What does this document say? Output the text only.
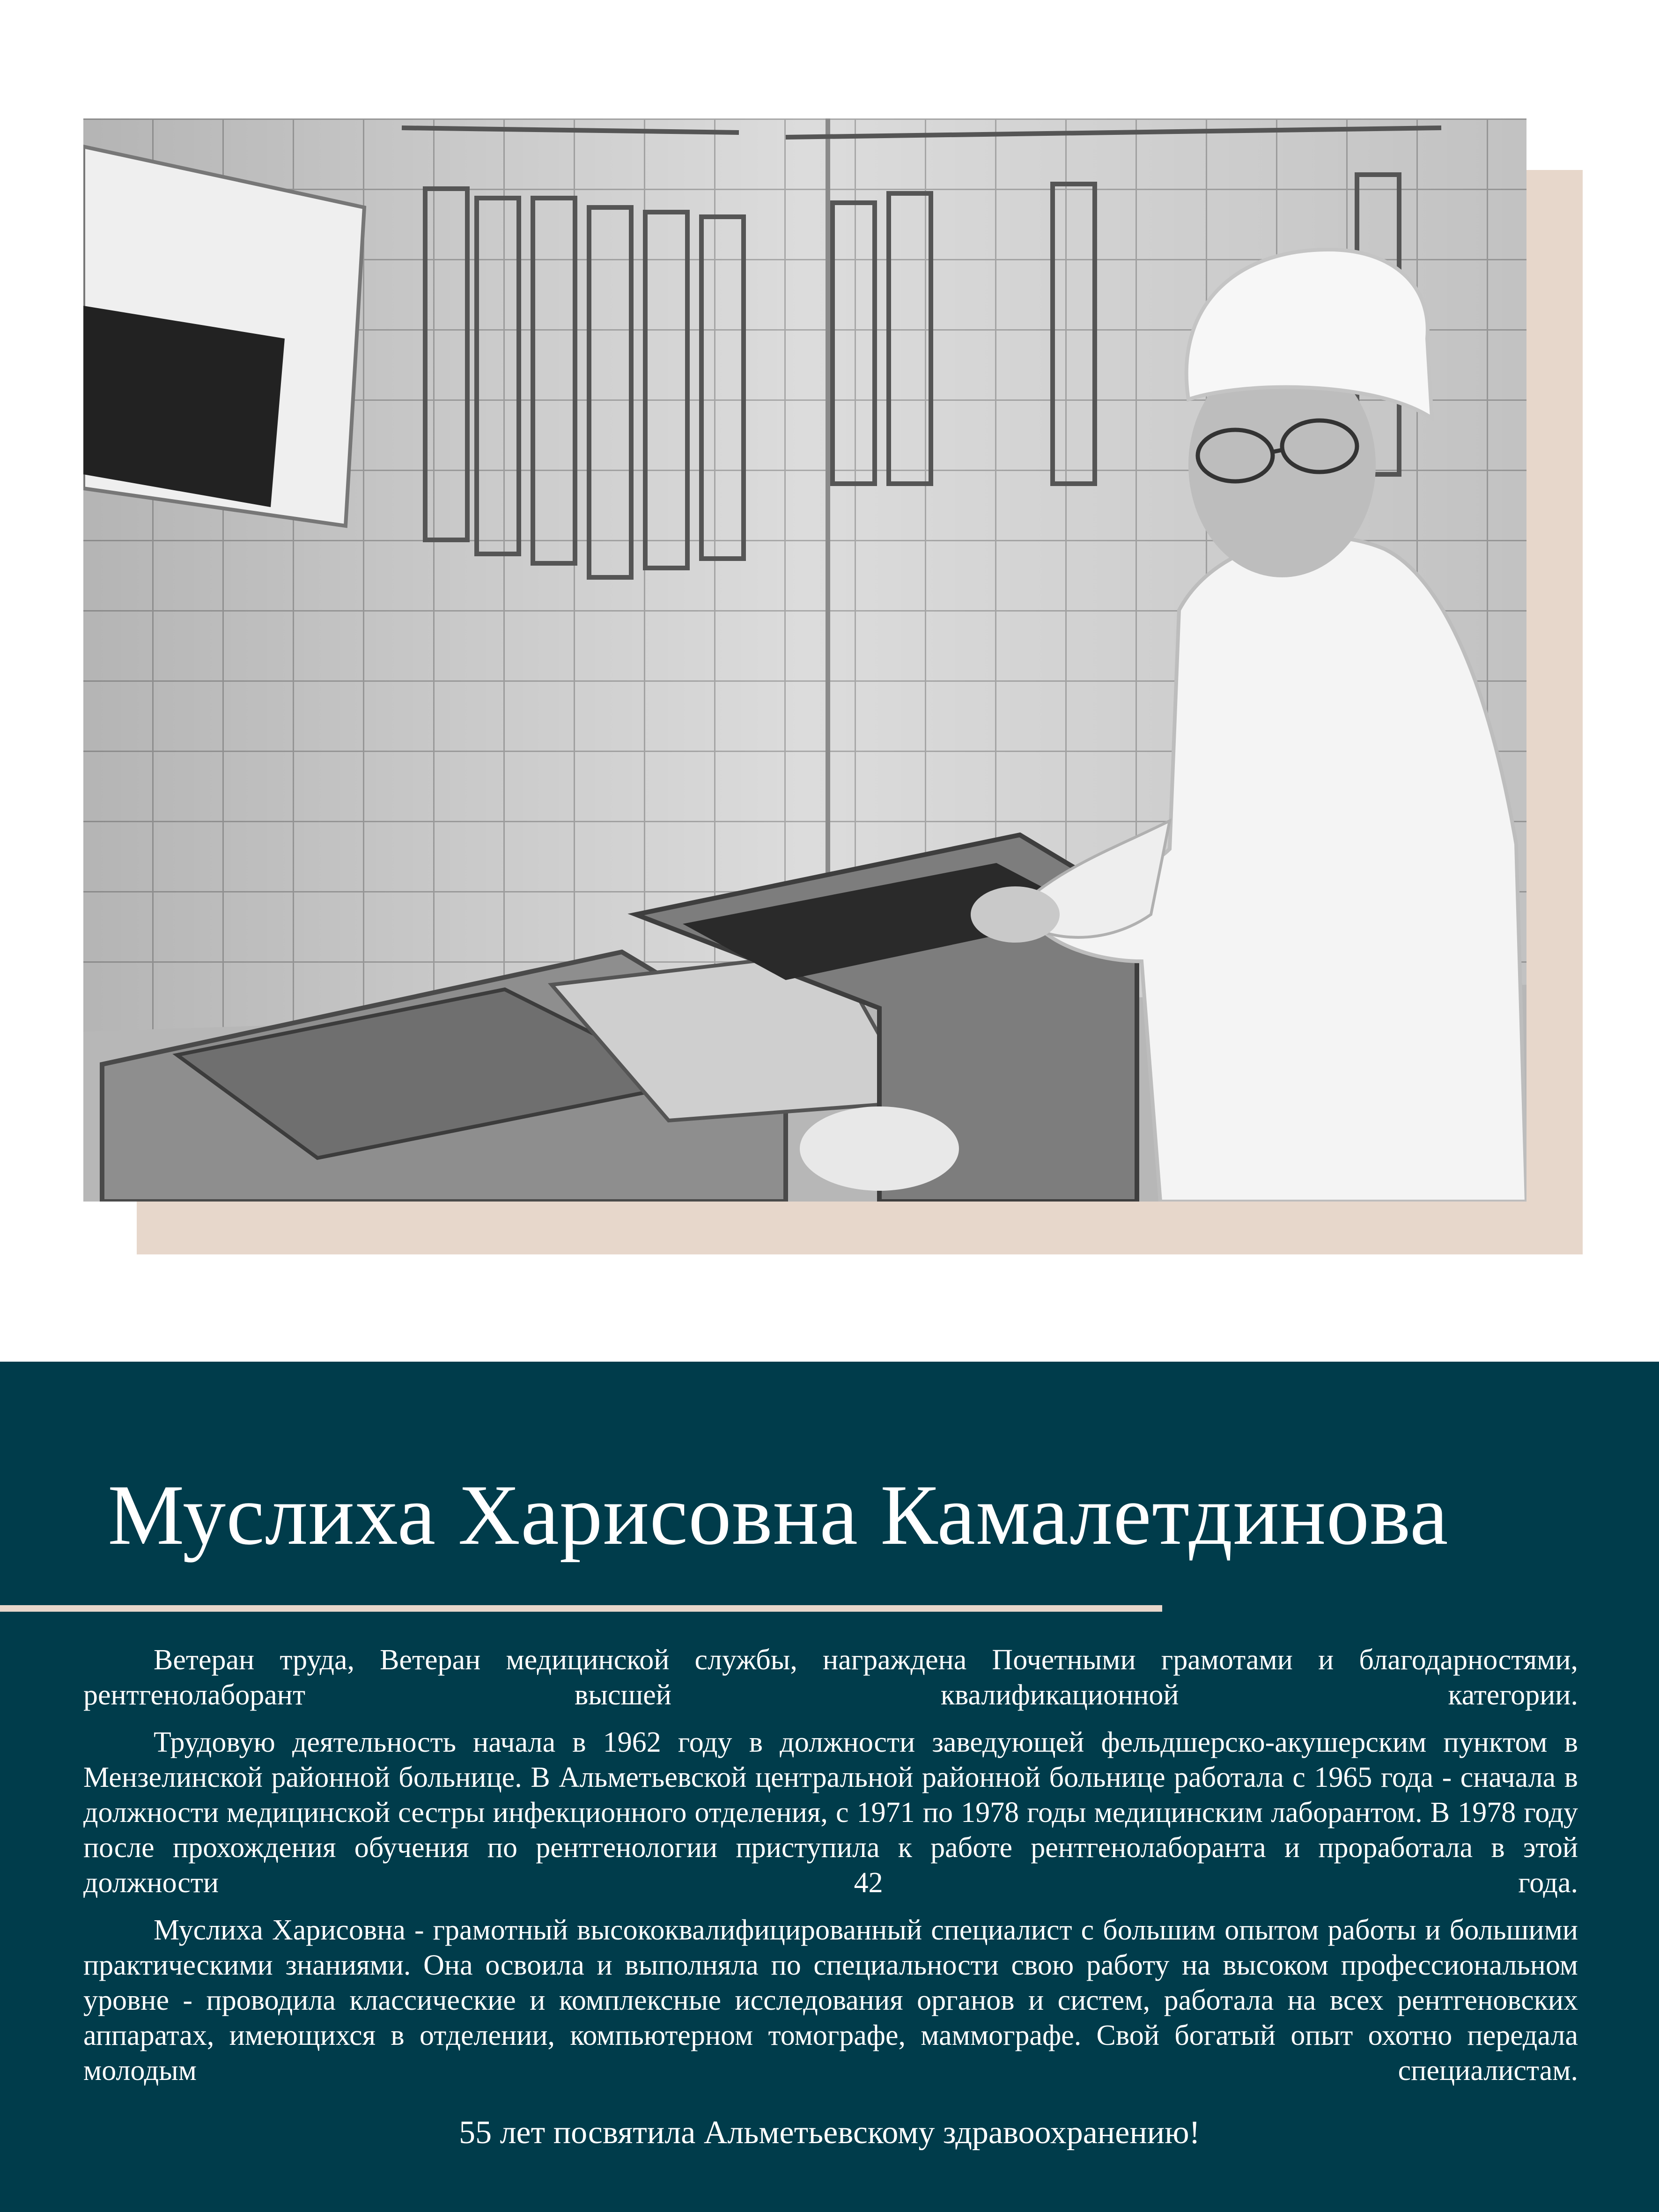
Муслиха Харисовна Камалетдинова

Ветеран труда, Ветеран медицинской службы, награждена Почетными грамотами и благодарностями, рентгенолаборант высшей квалификационной категории.

Трудовую деятельность начала в 1962 году в должности заведующей фельдшерско-акушерским пунктом в Мензелинской районной больнице. В Альметьевской центральной районной больнице работала с 1965 года - сначала в должности медицинской сестры инфекционного отделения, с 1971 по 1978 годы медицинским лаборантом. В 1978 году после прохождения обучения по рентгенологии приступила к работе рентгенолаборанта и проработала в этой должности 42 года.

Муслиха Харисовна - грамотный высококвалифицированный специалист с большим опытом работы и большими практическими знаниями. Она освоила и выполняла по специальности свою работу на высоком профессиональном уровне - проводила классические и комплексные исследования органов и систем, работала на всех рентгеновских аппаратах, имеющихся в отделении, компьютерном томографе, маммографе. Свой богатый опыт охотно передала молодым специалистам.

55 лет посвятила Альметьевскому здравоохранению!
